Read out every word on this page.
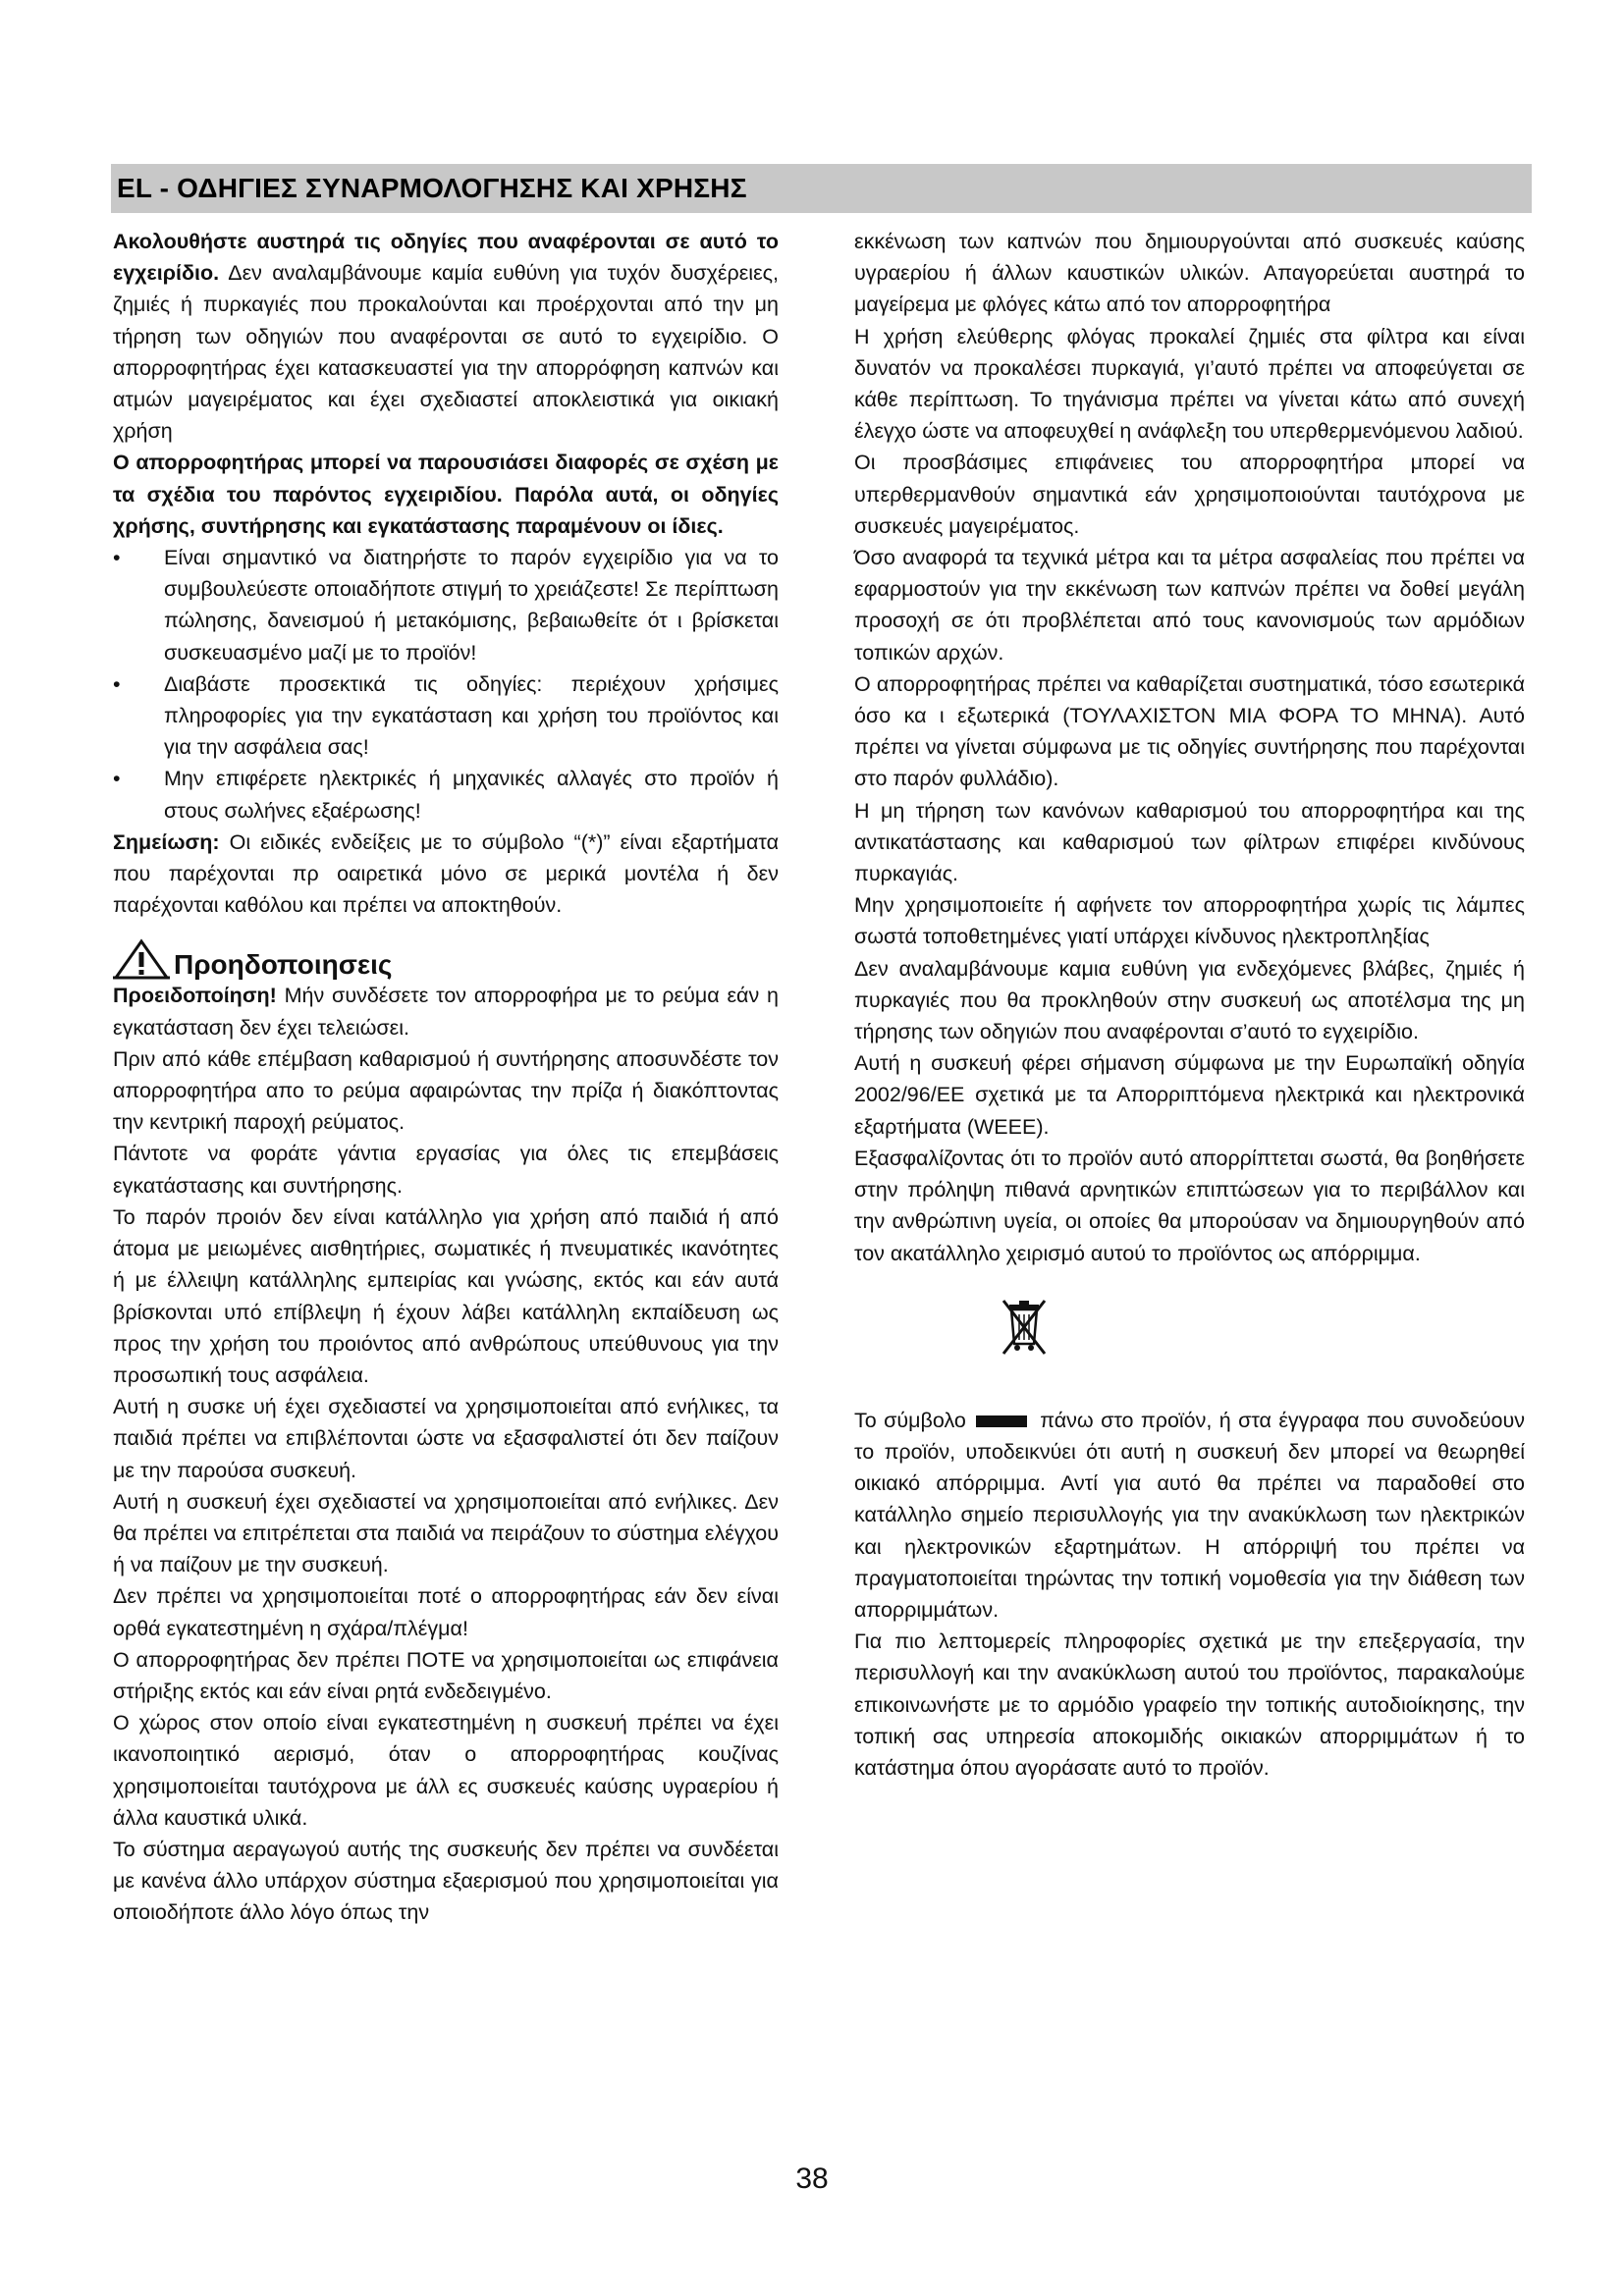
EL - ΟΔΗΓΙΕΣ ΣΥΝΑΡΜΟΛΟΓΗΣΗΣ ΚΑΙ ΧΡΗΣΗΣ

Ακολουθήστε αυστηρά τις οδηγίες που αναφέρονται σε αυτό το εγχειρίδιο. Δεν αναλαμβάνουμε καμία ευθύνη για τυχόν δυσχέρειες, ζημιές ή πυρκαγιές που προκαλούνται και προέρχονται από την μη τήρηση των οδηγιών που αναφέρονται σε αυτό το εγχειρίδιο. Ο απορροφητήρας έχει κατασκευαστεί για την απορρόφηση καπνών και ατμών μαγειρέματος και έχει σχεδιαστεί αποκλειστικά για οικιακή χρήση

Ο απορροφητήρας μπορεί να παρουσιάσει διαφορές σε σχέση με τα σχέδια του παρόντος εγχειριδίου. Παρόλα αυτά, οι οδηγίες χρήσης, συντήρησης και εγκατάστασης παραμένουν οι ίδιες.

•	Είναι σημαντικό να διατηρήστε το παρόν εγχειρίδιο για να το συμβουλεύεστε οποιαδήποτε στιγμή το χρειάζεστε! Σε περίπτωση πώλησης, δανεισμού ή μετακόμισης, βεβαιωθείτε ότ ι βρίσκεται συσκευασμένο μαζί με το προϊόν!
•	Διαβάστε προσεκτικά τις οδηγίες: περιέχουν χρήσιμες πληροφορίες για την εγκατάσταση και χρήση του προϊόντος και για την ασφάλεια σας!
•	Μην επιφέρετε ηλεκτρικές ή μηχανικές αλλαγές στο προϊόν ή στους σωλήνες εξαέρωσης!

Σημείωση: Οι ειδικές ενδείξεις με το σύμβολο “(*)” είναι εξαρτήματα που παρέχονται πρ οαιρετικά μόνο σε μερικά μοντέλα ή δεν παρέχονται καθόλου και πρέπει να αποκτηθούν.

Προηδοποιησεις

Προειδοποίηση! Μήν συνδέσετε τον απορροφήρα με το ρεύμα εάν η εγκατάσταση δεν έχει τελειώσει.

Πριν από κάθε επέμβαση καθαρισμού ή συντήρησης αποσυνδέστε τον απορροφητήρα απο το ρεύμα αφαιρώντας την πρίζα ή διακόπτοντας την κεντρική παροχή ρεύματος.

Πάντοτε να φοράτε γάντια εργασίας για όλες τις επεμβάσεις εγκατάστασης και συντήρησης.

Το παρόν προιόν δεν είναι κατάλληλο για χρήση από παιδιά ή από άτομα με μειωμένες αισθητήριες, σωματικές ή πνευματικές ικανότητες ή με έλλειψη κατάλληλης εμπειρίας και γνώσης, εκτός και εάν αυτά βρίσκονται υπό επίβλεψη ή έχουν λάβει κατάλληλη εκπαίδευση ως προς την χρήση του προιόντος από ανθρώπους υπεύθυνους για την προσωπική τους ασφάλεια.

Αυτή η συσκε υή έχει σχεδιαστεί να χρησιμοποιείται από ενήλικες, τα παιδιά πρέπει να επιβλέπονται ώστε να εξασφαλιστεί ότι δεν παίζουν με την παρούσα συσκευή.

Αυτή η συσκευή έχει σχεδιαστεί να χρησιμοποιείται από ενήλικες. Δεν θα πρέπει να επιτρέπεται στα παιδιά να πειράζουν το σύστημα ελέγχου ή να παίζουν με την συσκευή.

Δεν πρέπει να χρησιμοποιείται ποτέ ο απορροφητήρας εάν δεν είναι ορθά εγκατεστημένη η σχάρα/πλέγμα!

Ο απορροφητήρας δεν πρέπει ΠΟΤΕ να χρησιμοποιείται ως επιφάνεια στήριξης εκτός και εάν είναι ρητά ενδεδειγμένο.

Ο χώρος στον οποίο είναι εγκατεστημένη η συσκευή πρέπει να έχει ικανοποιητικό αερισμό, όταν ο απορροφητήρας κουζίνας χρησιμοποιείται ταυτόχρονα με άλλ ες συσκευές καύσης υγραερίου ή άλλα καυστικά υλικά.

Το σύστημα αεραγωγού αυτής της συσκευής δεν πρέπει να συνδέεται με κανένα άλλο υπάρχον σύστημα εξαερισμού που χρησιμοποιείται για οποιοδήποτε άλλο λόγο όπως την

εκκένωση των καπνών που δημιουργούνται από συσκευές καύσης υγραερίου ή άλλων καυστικών υλικών. Απαγορεύεται αυστηρά το μαγείρεμα με φλόγες κάτω από τον απορροφητήρα

Η χρήση ελεύθερης φλόγας προκαλεί ζημιές στα φίλτρα και είναι δυνατόν να προκαλέσει πυρκαγιά, γι’αυτό πρέπει να αποφεύγεται σε κάθε περίπτωση. Το τηγάνισμα πρέπει να γίνεται κάτω από συνεχή έλεγχο ώστε να αποφευχθεί η ανάφλεξη του υπερθερμενόμενου λαδιού.

Οι προσβάσιμες επιφάνειες του απορροφητήρα μπορεί να υπερθερμανθούν σημαντικά εάν χρησιμοποιούνται ταυτόχρονα με συσκευές μαγειρέματος.

Όσο αναφορά τα τεχνικά μέτρα και τα μέτρα ασφαλείας που πρέπει να εφαρμοστούν για την εκκένωση των καπνών πρέπει να δοθεί μεγάλη προσοχή σε ότι προβλέπεται από τους κανονισμούς των αρμόδιων τοπικών αρχών.

Ο απορροφητήρας πρέπει να καθαρίζεται συστηματικά, τόσο εσωτερικά όσο κα ι εξωτερικά (ΤΟΥΛΑΧΙΣΤΟΝ ΜΙΑ ΦΟΡΑ ΤΟ ΜΗΝΑ). Αυτό πρέπει να γίνεται σύμφωνα με τις οδηγίες συντήρησης που παρέχονται στο παρόν φυλλάδιο).

Η μη τήρηση των κανόνων καθαρισμού του απορροφητήρα και της αντικατάστασης και καθαρισμού των φίλτρων επιφέρει κινδύνους πυρκαγιάς.

Μην χρησιμοποιείτε ή αφήνετε τον απορροφητήρα χωρίς τις λάμπες σωστά τοποθετημένες γιατί υπάρχει κίνδυνος ηλεκτροπληξίας

Δεν αναλαμβάνουμε καμια ευθύνη για ενδεχόμενες βλάβες, ζημιές ή πυρκαγιές που θα προκληθούν στην συσκευή ως αποτέλσμα της μη τήρησης των οδηγιών που αναφέρονται σ’αυτό το εγχειρίδιο.

Αυτή η συσκευή φέρει σήμανση σύμφωνα με την Ευρωπαϊκή οδηγία 2002/96/ΕΕ σχετικά με τα Απορριπτόμενα ηλεκτρικά και ηλεκτρονικά εξαρτήματα (WEEE).

Εξασφαλίζοντας ότι το προϊόν αυτό απορρίπτεται σωστά, θα βοηθήσετε στην πρόληψη πιθανά αρνητικών επιπτώσεων για το περιβάλλον και την ανθρώπινη υγεία, οι οποίες θα μπορούσαν να δημιουργηθούν από τον ακατάλληλο χειρισμό αυτού το προϊόντος ως απόρριμμα.

Το σύμβολο	πάνω στο προϊόν, ή στα έγγραφα που συνοδεύουν το προϊόν, υποδεικνύει ότι αυτή η συσκευή δεν μπορεί να θεωρηθεί οικιακό απόρριμμα. Αντί για αυτό θα πρέπει να παραδοθεί στο κατάλληλο σημείο περισυλλογής για την ανακύκλωση των ηλεκτρικών και ηλεκτρονικών εξαρτημάτων. Η απόρριψή του πρέπει να πραγματοποιείται τηρώντας την τοπική νομοθεσία για την διάθεση των απορριμμάτων.

Για πιο λεπτομερείς πληροφορίες σχετικά με την επεξεργασία, την περισυλλογή και την ανακύκλωση αυτού του προϊόντος, παρακαλούμε επικοινωνήστε με το αρμόδιο γραφείο την τοπικής αυτοδιοίκησης, την τοπική σας υπηρεσία αποκομιδής οικιακών απορριμμάτων ή το κατάστημα όπου αγοράσατε αυτό το προϊόν.

38
